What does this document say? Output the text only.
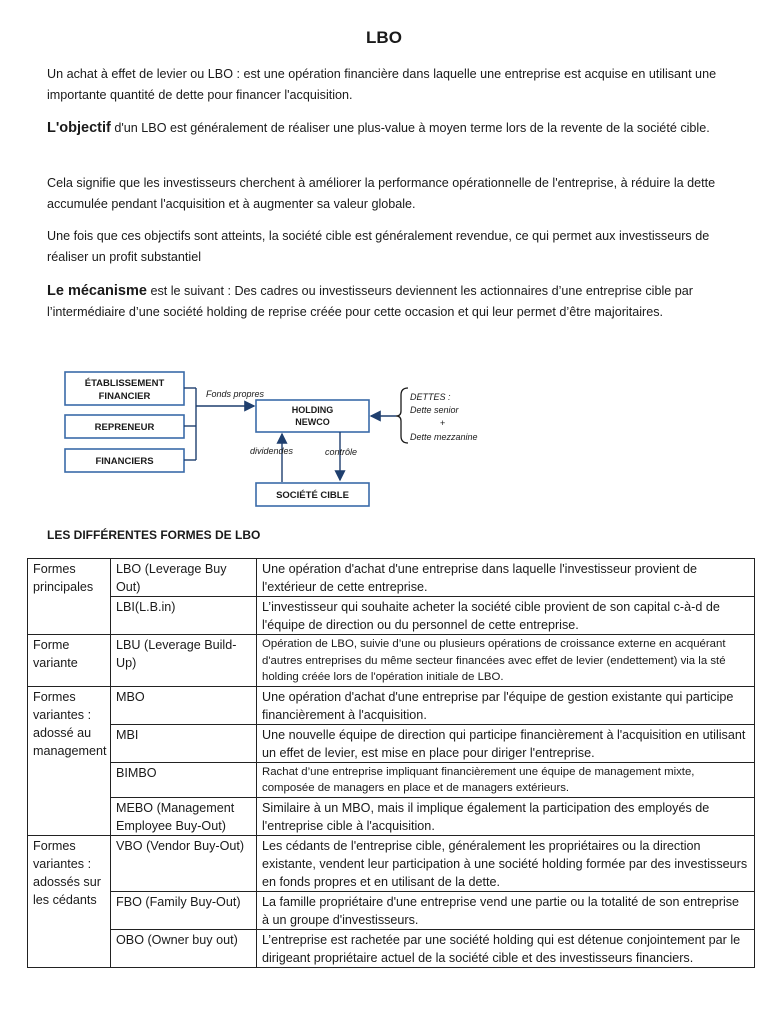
LBO

Un achat à effet de levier ou LBO : est une opération financière dans laquelle une entreprise est acquise en utilisant une importante quantité de dette pour financer l'acquisition.

L'objectif d'un LBO est généralement de réaliser une plus-value à moyen terme lors de la revente de la société cible.

Cela signifie que les investisseurs cherchent à améliorer la performance opérationnelle de l'entreprise, à réduire la dette accumulée pendant l'acquisition et à augmenter sa valeur globale.

Une fois que ces objectifs sont atteints, la société cible est généralement revendue, ce qui permet aux investisseurs de réaliser un profit substantiel

Le mécanisme est le suivant : Des cadres ou investisseurs deviennent les actionnaires d’une entreprise cible par l’intermédiaire d’une société holding de reprise créée pour cette occasion et qui leur permet d’être majoritaires.

ÉTABLISSEMENT
FINANCIER
REPRENEUR
FINANCIERS
Fonds propres
HOLDING
NEWCO
DETTES :
Dette senior
+
Dette mezzanine
dividendes	contrôle
SOCIÉTÉ CIBLE
LES DIFFÉRENTES FORMES DE LBO
Formes principales	LBO (Leverage Buy Out)	Une opération d'achat d'une entreprise dans laquelle l'investisseur provient de l'extérieur de cette entreprise.
	LBI(L.B.in)	L’investisseur qui souhaite acheter la société cible provient de son capital c-à-d de l'équipe de direction ou du personnel de cette entreprise.
Forme variante	LBU (Leverage Build-Up)	Opération de LBO, suivie d’une ou plusieurs opérations de croissance externe en acquérant d'autres entreprises du même secteur financées avec effet de levier (endettement) via la sté holding créée lors de l'opération initiale de LBO.
Formes variantes : adossé au management	MBO	Une opération d'achat d'une entreprise par l'équipe de gestion existante qui participe financièrement à l'acquisition.
	MBI	Une nouvelle équipe de direction qui participe financièrement à l'acquisition en utilisant un effet de levier, est mise en place pour diriger l'entreprise.
	BIMBO	Rachat d’une entreprise impliquant financièrement une équipe de management mixte, composée de managers en place et de managers extérieurs.
	MEBO (Management Employee Buy-Out)	Similaire à un MBO, mais il implique également la participation des employés de l'entreprise cible à l'acquisition.
Formes variantes : adossés sur les cédants	VBO (Vendor Buy-Out)	Les cédants de l'entreprise cible, généralement les propriétaires ou la direction existante, vendent leur participation à une société holding formée par des investisseurs en fonds propres et en utilisant de la dette.
	FBO (Family Buy-Out)	La famille propriétaire d'une entreprise vend une partie ou la totalité de son entreprise à un groupe d'investisseurs.
	OBO (Owner buy out)	L’entreprise est rachetée par une société holding qui est détenue conjointement par le dirigeant propriétaire actuel de la société cible et des investisseurs financiers.
